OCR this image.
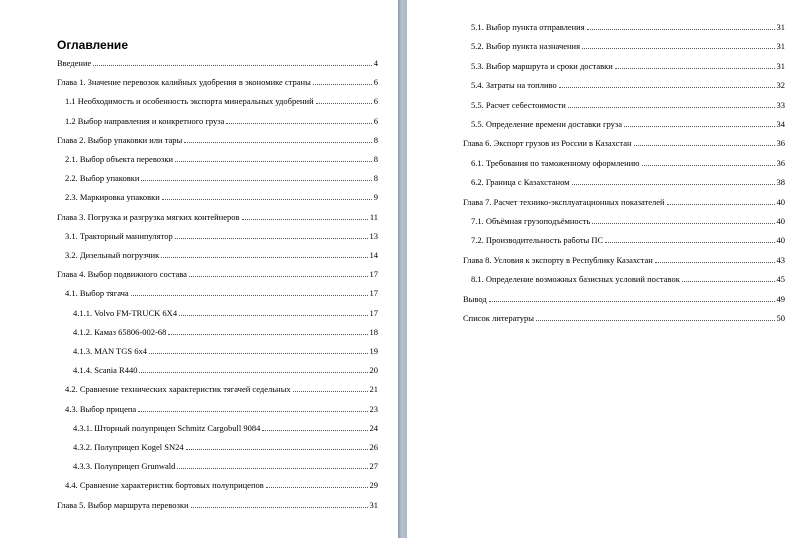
Оглавление
Введение	4
Глава 1. Значение перевозок калийных удобрения в экономике страны	6
1.1 Необходимость и особенность экспорта минеральных удобрений	6
1.2 Выбор направления и конкретного груза	6
Глава 2. Выбор упаковки или тары	8
2.1. Выбор объекта перевозки	8
2.2. Выбор упаковки	8
2.3. Маркировка упаковки	9
Глава 3. Погрузка и разгрузка мягких контейнеров	11
3.1. Тракторный манипулятор	13
3.2. Дизельный погрузчик	14
Глава 4. Выбор подвижного состава	17
4.1. Выбор тягача	17
4.1.1. Volvo FM-TRUCK 6X4	17
4.1.2. Камаз 65806-002-68	18
4.1.3. MAN TGS 6x4	19
4.1.4. Scania R440	20
4.2. Сравнение технических характеристик тягачей седельных	21
4.3. Выбор прицепа	23
4.3.1. Шторный полуприцеп Schmitz Cargobull 9084	24
4.3.2. Полуприцеп Kogel SN24	26
4.3.3. Полуприцеп Grunwald	27
4.4. Сравнение характеристик бортовых полуприцепов	29
Глава 5. Выбор маршрута перевозки	31
5.1. Выбор пункта отправления	31
5.2. Выбор пункта назначения	31
5.3. Выбор маршрута и сроки доставки	31
5.4. Затраты на топливо	32
5.5. Расчет себестоимости	33
5.5. Определение времени доставки груза	34
Глава 6. Экспорт грузов из России в Казахстан	36
6.1. Требования по таможенному оформлению	36
6.2. Граница с Казахстаном	38
Глава 7. Расчет технико-эксплуатационных показателей	40
7.1. Объёмная грузоподъёмность	40
7.2. Производительность работы ПС	40
Глава 8. Условия к экспорту в Республику Казахстан	43
8.1. Определение возможных базисных условий поставок	45
Вывод	49
Список литературы	50
